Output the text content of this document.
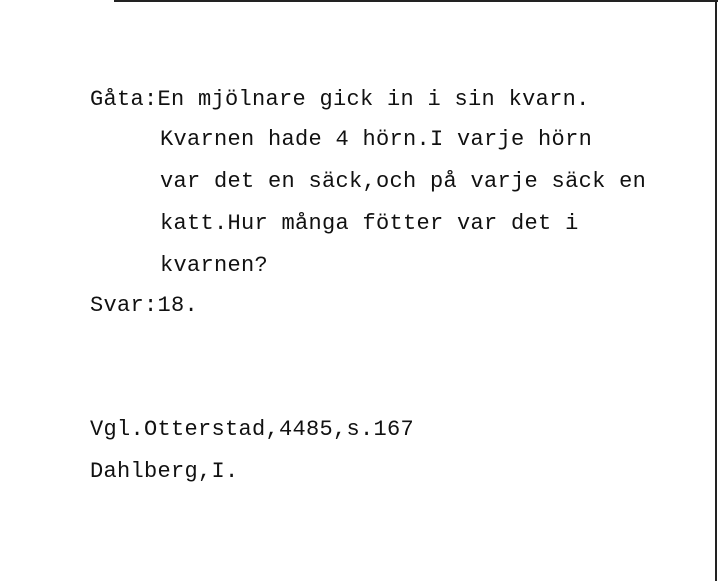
Gåta:En mjölnare gick in i sin kvarn.
Kvarnen hade 4 hörn.I varje hörn
var det en säck,och på varje säck en
katt.Hur många fötter var det i
kvarnen?
Svar:18.
Vgl.Otterstad,4485,s.167
Dahlberg,I.
